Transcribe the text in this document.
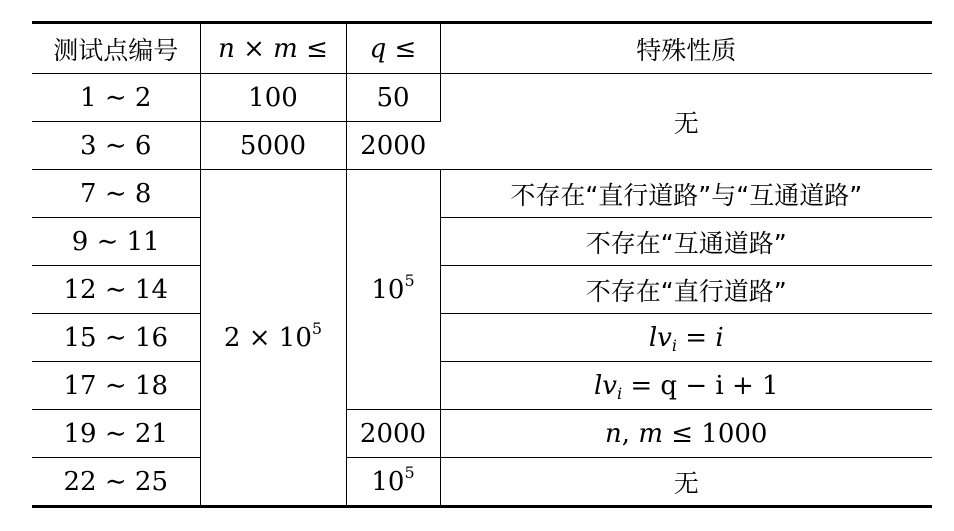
测试点编号	n × m ≤	q ≤	特殊性质
1 ∼ 2	100	50	无
3 ∼ 6	5000	2000	
7 ∼ 8	$2 \times 10^5$	$10^5$	不存在“直行道路”与“互通道路”
9 ∼ 11			不存在“互通道路”
12 ∼ 14			不存在“直行道路”
15 ∼ 16			$lv_i = i$
17 ∼ 18			$lv_i = q - i + 1$
19 ∼ 21		2000	n, m ≤ 1000
22 ∼ 25		$10^5$	无
